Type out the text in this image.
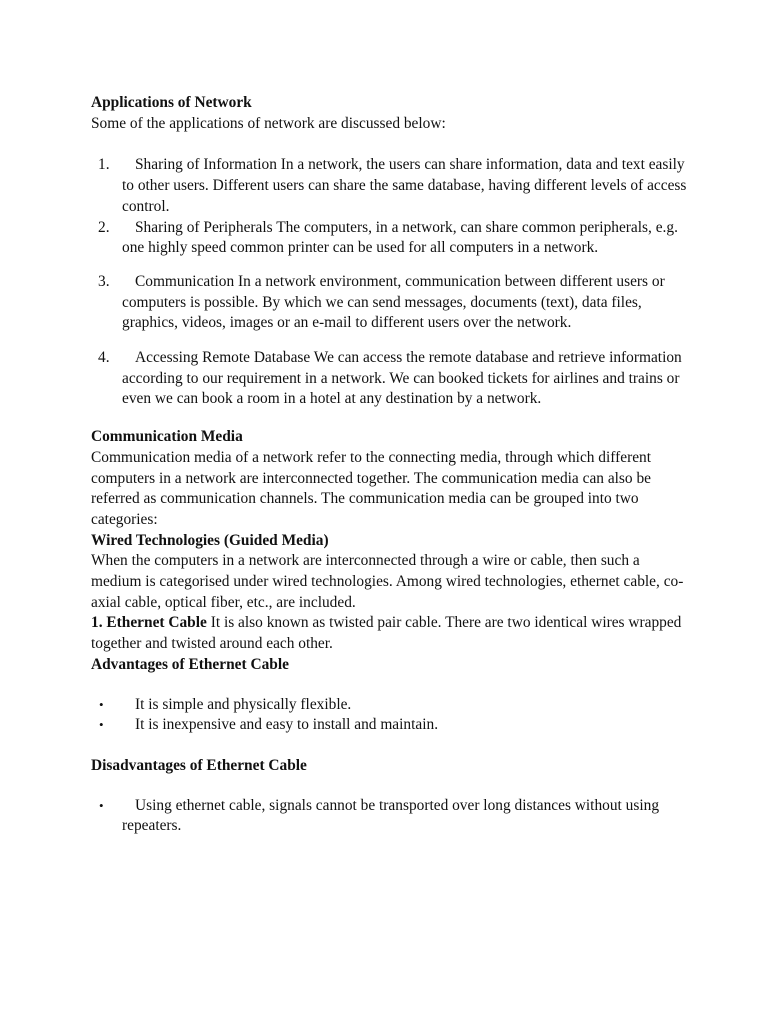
Applications of Network

Some of the applications of network are discussed below:

1. Sharing of Information In a network, the users can share information, data and text easily to other users. Different users can share the same database, having different levels of access control.
2. Sharing of Peripherals The computers, in a network, can share common peripherals, e.g. one highly speed common printer can be used for all computers in a network.
3. Communication In a network environment, communication between different users or computers is possible. By which we can send messages, documents (text), data files, graphics, videos, images or an e-mail to different users over the network.
4. Accessing Remote Database We can access the remote database and retrieve information according to our requirement in a network. We can booked tickets for airlines and trains or even we can book a room in a hotel at any destination by a network.

Communication Media

Communication media of a network refer to the connecting media, through which different computers in a network are interconnected together. The communication media can also be referred as communication channels. The communication media can be grouped into two categories:

Wired Technologies (Guided Media)

When the computers in a network are interconnected through a wire or cable, then such a medium is categorised under wired technologies. Among wired technologies, ethernet cable, co-axial cable, optical fiber, etc., are included.

1. Ethernet Cable It is also known as twisted pair cable. There are two identical wires wrapped together and twisted around each other.

Advantages of Ethernet Cable

• It is simple and physically flexible.
• It is inexpensive and easy to install and maintain.

Disadvantages of Ethernet Cable

• Using ethernet cable, signals cannot be transported over long distances without using repeaters.
